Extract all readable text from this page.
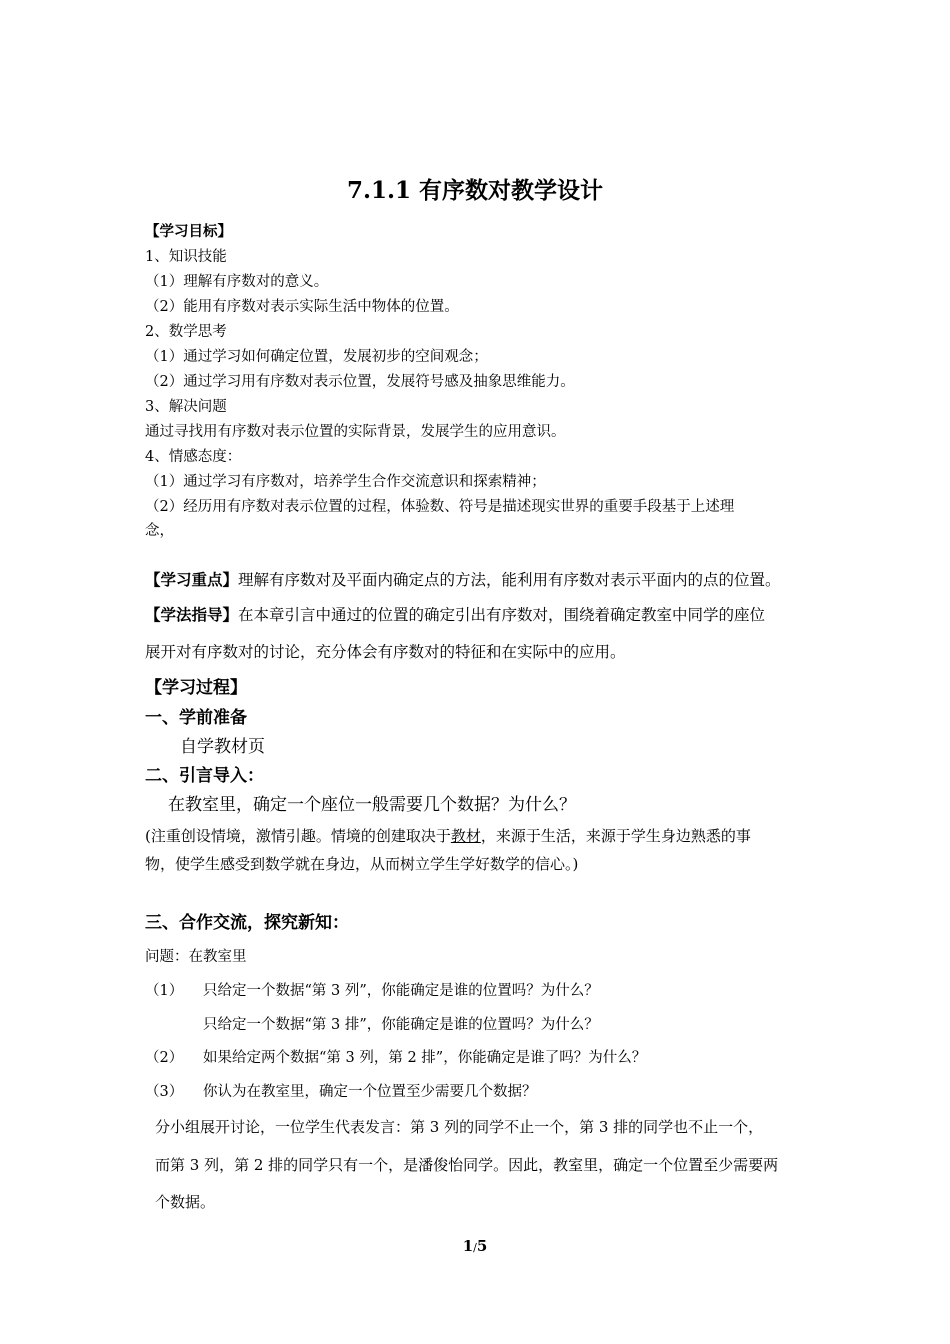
7.1.1 有序数对教学设计
【学习目标】
1、知识技能
（1）理解有序数对的意义。
（2）能用有序数对表示实际生活中物体的位置。
2、数学思考
（1）通过学习如何确定位置，发展初步的空间观念；
（2）通过学习用有序数对表示位置，发展符号感及抽象思维能力。
3、解决问题
通过寻找用有序数对表示位置的实际背景，发展学生的应用意识。
4、情感态度：
（1）通过学习有序数对，培养学生合作交流意识和探索精神；
（2）经历用有序数对表示位置的过程，体验数、符号是描述现实世界的重要手段基于上述理
念，
【学习重点】理解有序数对及平面内确定点的方法，能利用有序数对表示平面内的点的位置。
【学法指导】在本章引言中通过的位置的确定引出有序数对，围绕着确定教室中同学的座位
展开对有序数对的讨论，充分体会有序数对的特征和在实际中的应用。
【学习过程】
一、学前准备
自学教材页
二、引言导入：
在教室里，确定一个座位一般需要几个数据？为什么？
(注重创设情境，激情引趣。情境的创建取决于教材，来源于生活，来源于学生身边熟悉的事
物，使学生感受到数学就在身边，从而树立学生学好数学的信心。)
三、合作交流，探究新知：
问题：在教室里
（1） 只给定一个数据“第 3 列”，你能确定是谁的位置吗？为什么？
只给定一个数据“第 3 排”，你能确定是谁的位置吗？为什么？
（2） 如果给定两个数据“第 3 列，第 2 排”，你能确定是谁了吗？为什么？
（3） 你认为在教室里，确定一个位置至少需要几个数据？
分小组展开讨论，一位学生代表发言：第 3 列的同学不止一个，第 3 排的同学也不止一个，
而第 3 列，第 2 排的同学只有一个，是潘俊怡同学。因此，教室里，确定一个位置至少需要两
个数据。
1/5
